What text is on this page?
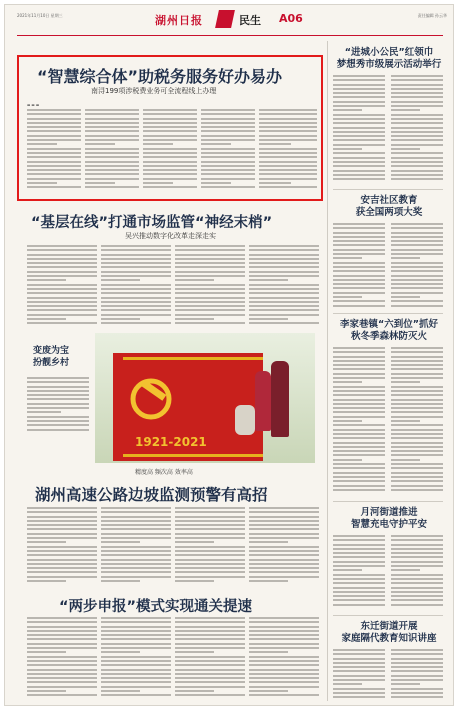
2021年11月10日 星期三	湖州日报	民生 A06	责任编辑 孙云华
“智慧综合体”助税务服务好办易办
南浔199项涉税费业务可全流程线上办理
▬ ▬ ▬
“基层在线”打通市场监管“神经末梢”
吴兴推动数字化改革走深走实
变废为宝
扮靓乡村
1921-2021
精度高 频次高 效率高
湖州高速公路边坡监测预警有高招
“两步申报”模式实现通关提速
“进城小公民”红领巾
梦想秀市级展示活动举行
安吉社区教育
获全国两项大奖
李家巷镇“六到位”抓好
秋冬季森林防灭火
月河街道推进
智慧充电守护平安
东迁街道开展
家庭隔代教育知识讲座
